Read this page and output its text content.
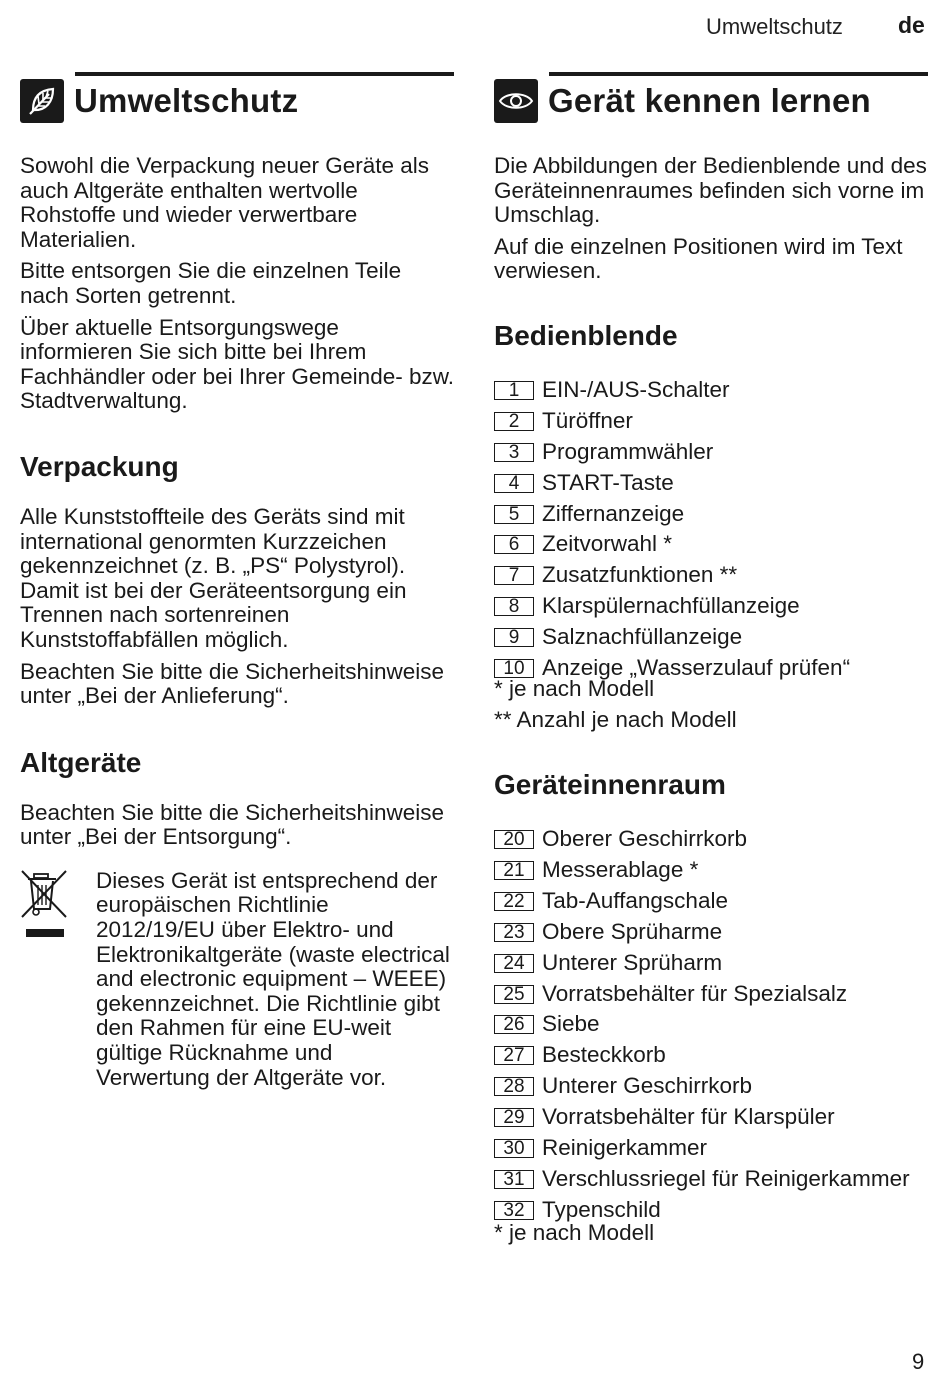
Umweltschutz de
Umweltschutz

Sowohl die Verpackung neuer Geräte als auch Altgeräte enthalten wertvolle Rohstoffe und wieder verwertbare Materialien.

Bitte entsorgen Sie die einzelnen Teile nach Sorten getrennt.

Über aktuelle Entsorgungswege informieren Sie sich bitte bei Ihrem Fachhändler oder bei Ihrer Gemeinde- bzw. Stadtverwaltung.

Verpackung

Alle Kunststoffteile des Geräts sind mit international genormten Kurzzeichen gekennzeichnet (z. B. „PS“ Polystyrol). Damit ist bei der Geräteentsorgung ein Trennen nach sortenreinen Kunststoffabfällen möglich.

Beachten Sie bitte die Sicherheitshinweise unter „Bei der Anlieferung“.

Altgeräte

Beachten Sie bitte die Sicherheitshinweise unter „Bei der Entsorgung“.

Dieses Gerät ist entsprechend der europäischen Richtlinie 2012/19/EU über Elektro- und Elektronikaltgeräte (waste electrical and electronic equipment – WEEE) gekennzeichnet. Die Richtlinie gibt den Rahmen für eine EU-weit gültige Rücknahme und Verwertung der Altgeräte vor.

Gerät kennen lernen

Die Abbildungen der Bedienblende und des Geräteinnenraumes befinden sich vorne im Umschlag.

Auf die einzelnen Positionen wird im Text verwiesen.

Bedienblende
1	EIN-/AUS-Schalter
2	Türöffner
3	Programmwähler
4	START-Taste
5	Ziffernanzeige
6	Zeitvorwahl *
7	Zusatzfunktionen **
8	Klarspülernachfüllanzeige
9	Salznachfüllanzeige
10 Anzeige „Wasserzulauf prüfen“
* je nach Modell
** Anzahl je nach Modell
Geräteinnenraum
20 Oberer Geschirrkorb
21 Messerablage *
22 Tab-Auffangschale
23 Obere Sprüharme
24 Unterer Sprüharm
25 Vorratsbehälter für Spezialsalz
26 Siebe
27 Besteckkorb
28 Unterer Geschirrkorb
29 Vorratsbehälter für Klarspüler
30 Reinigerkammer
31 Verschlussriegel für Reinigerkammer
32 Typenschild
* je nach Modell
9
